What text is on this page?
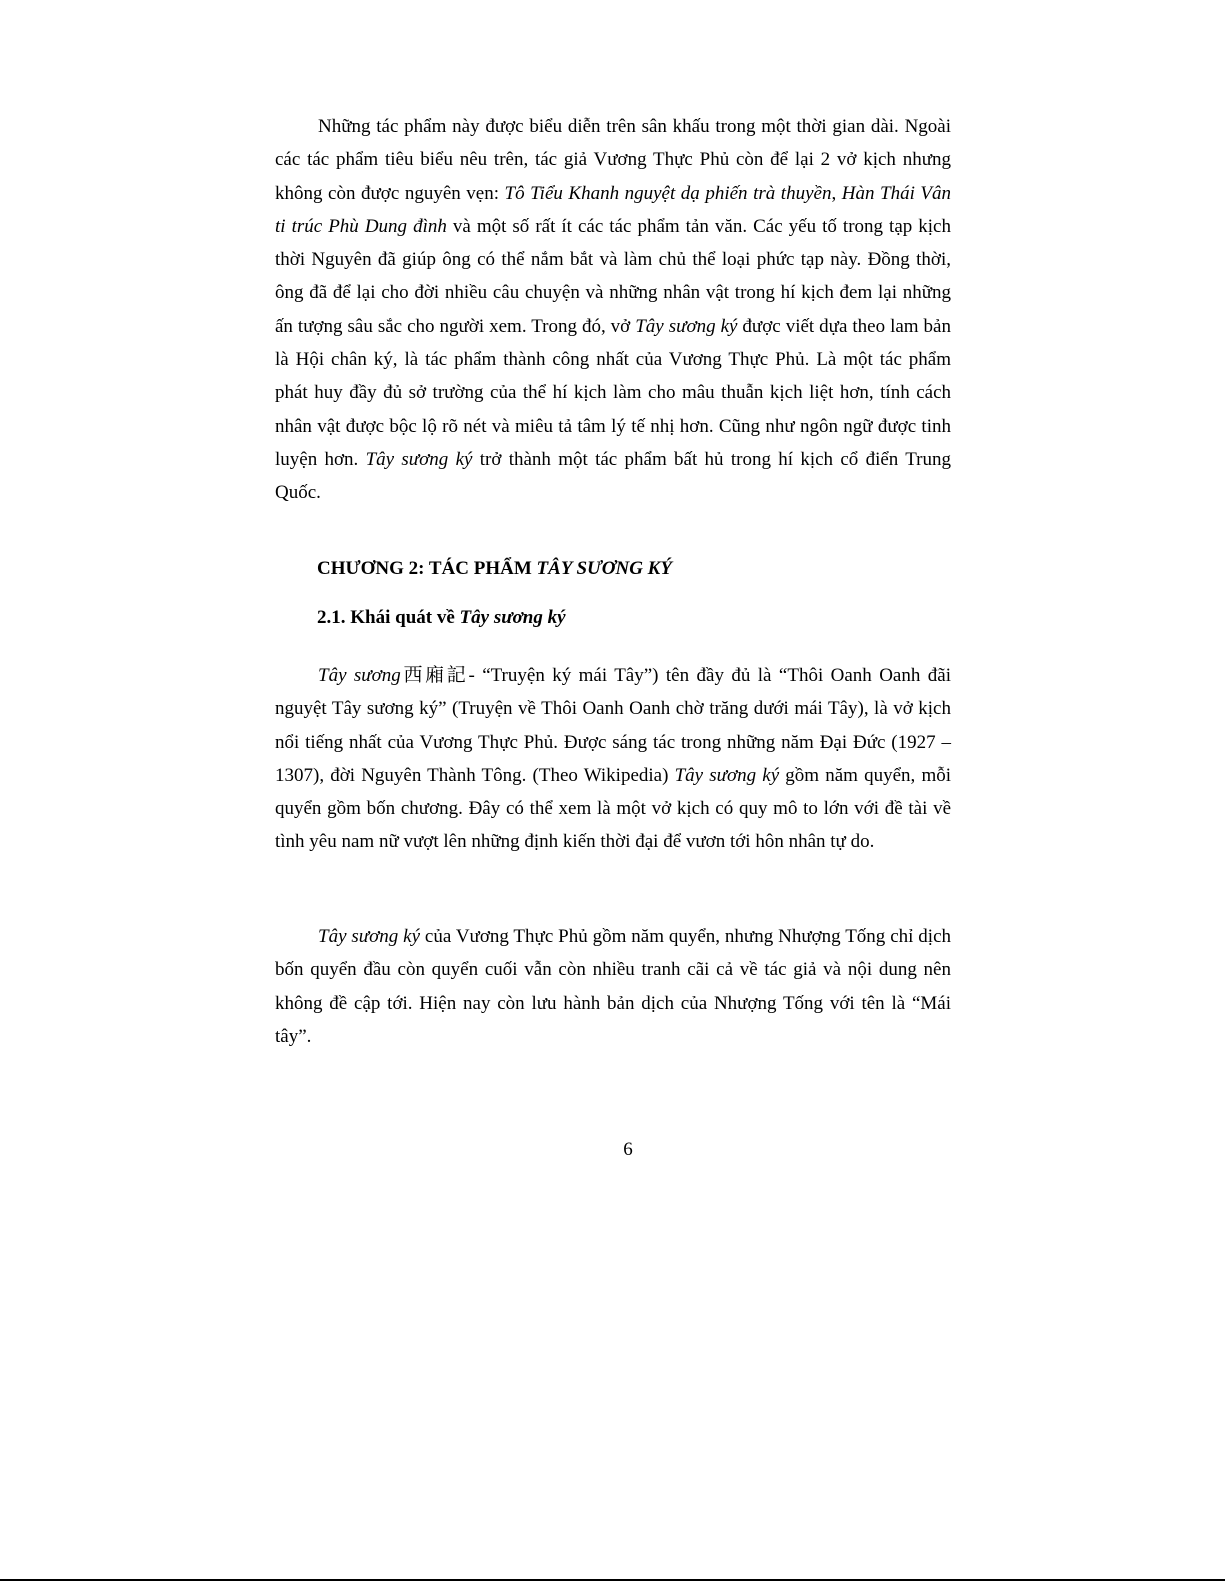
Những tác phẩm này được biểu diễn trên sân khấu trong một thời gian dài. Ngoài các tác phẩm tiêu biểu nêu trên, tác giả Vương Thực Phủ còn để lại 2 vở kịch nhưng không còn được nguyên vẹn: Tô Tiểu Khanh nguyệt dạ phiến trà thuyền, Hàn Thái Vân ti trúc Phù Dung đình và một số rất ít các tác phẩm tản văn. Các yếu tố trong tạp kịch thời Nguyên đã giúp ông có thể nắm bắt và làm chủ thể loại phức tạp này. Đồng thời, ông đã để lại cho đời nhiều câu chuyện và những nhân vật trong hí kịch đem lại những ấn tượng sâu sắc cho người xem. Trong đó, vở Tây sương ký được viết dựa theo lam bản là Hội chân ký, là tác phẩm thành công nhất của Vương Thực Phủ. Là một tác phẩm phát huy đầy đủ sở trường của thể hí kịch làm cho mâu thuẫn kịch liệt hơn, tính cách nhân vật được bộc lộ rõ nét và miêu tả tâm lý tế nhị hơn. Cũng như ngôn ngữ được tinh luyện hơn. Tây sương ký trở thành một tác phẩm bất hủ trong hí kịch cổ điển Trung Quốc.

CHƯƠNG 2: TÁC PHẨM TÂY SƯƠNG KÝ
2.1. Khái quát về Tây sương ký

Tây sương西廂記- “Truyện ký mái Tây”) tên đầy đủ là “Thôi Oanh Oanh đãi nguyệt Tây sương ký” (Truyện về Thôi Oanh Oanh chờ trăng dưới mái Tây), là vở kịch nổi tiếng nhất của Vương Thực Phủ. Được sáng tác trong những năm Đại Đức (1927 – 1307), đời Nguyên Thành Tông. (Theo Wikipedia) Tây sương ký gồm năm quyển, mỗi quyển gồm bốn chương. Đây có thể xem là một vở kịch có quy mô to lớn với đề tài về tình yêu nam nữ vượt lên những định kiến thời đại để vươn tới hôn nhân tự do.

Tây sương ký của Vương Thực Phủ gồm năm quyển, nhưng Nhượng Tống chỉ dịch bốn quyển đầu còn quyển cuối vẫn còn nhiều tranh cãi cả về tác giả và nội dung nên không đề cập tới. Hiện nay còn lưu hành bản dịch của Nhượng Tống với tên là “Mái tây”.

6
